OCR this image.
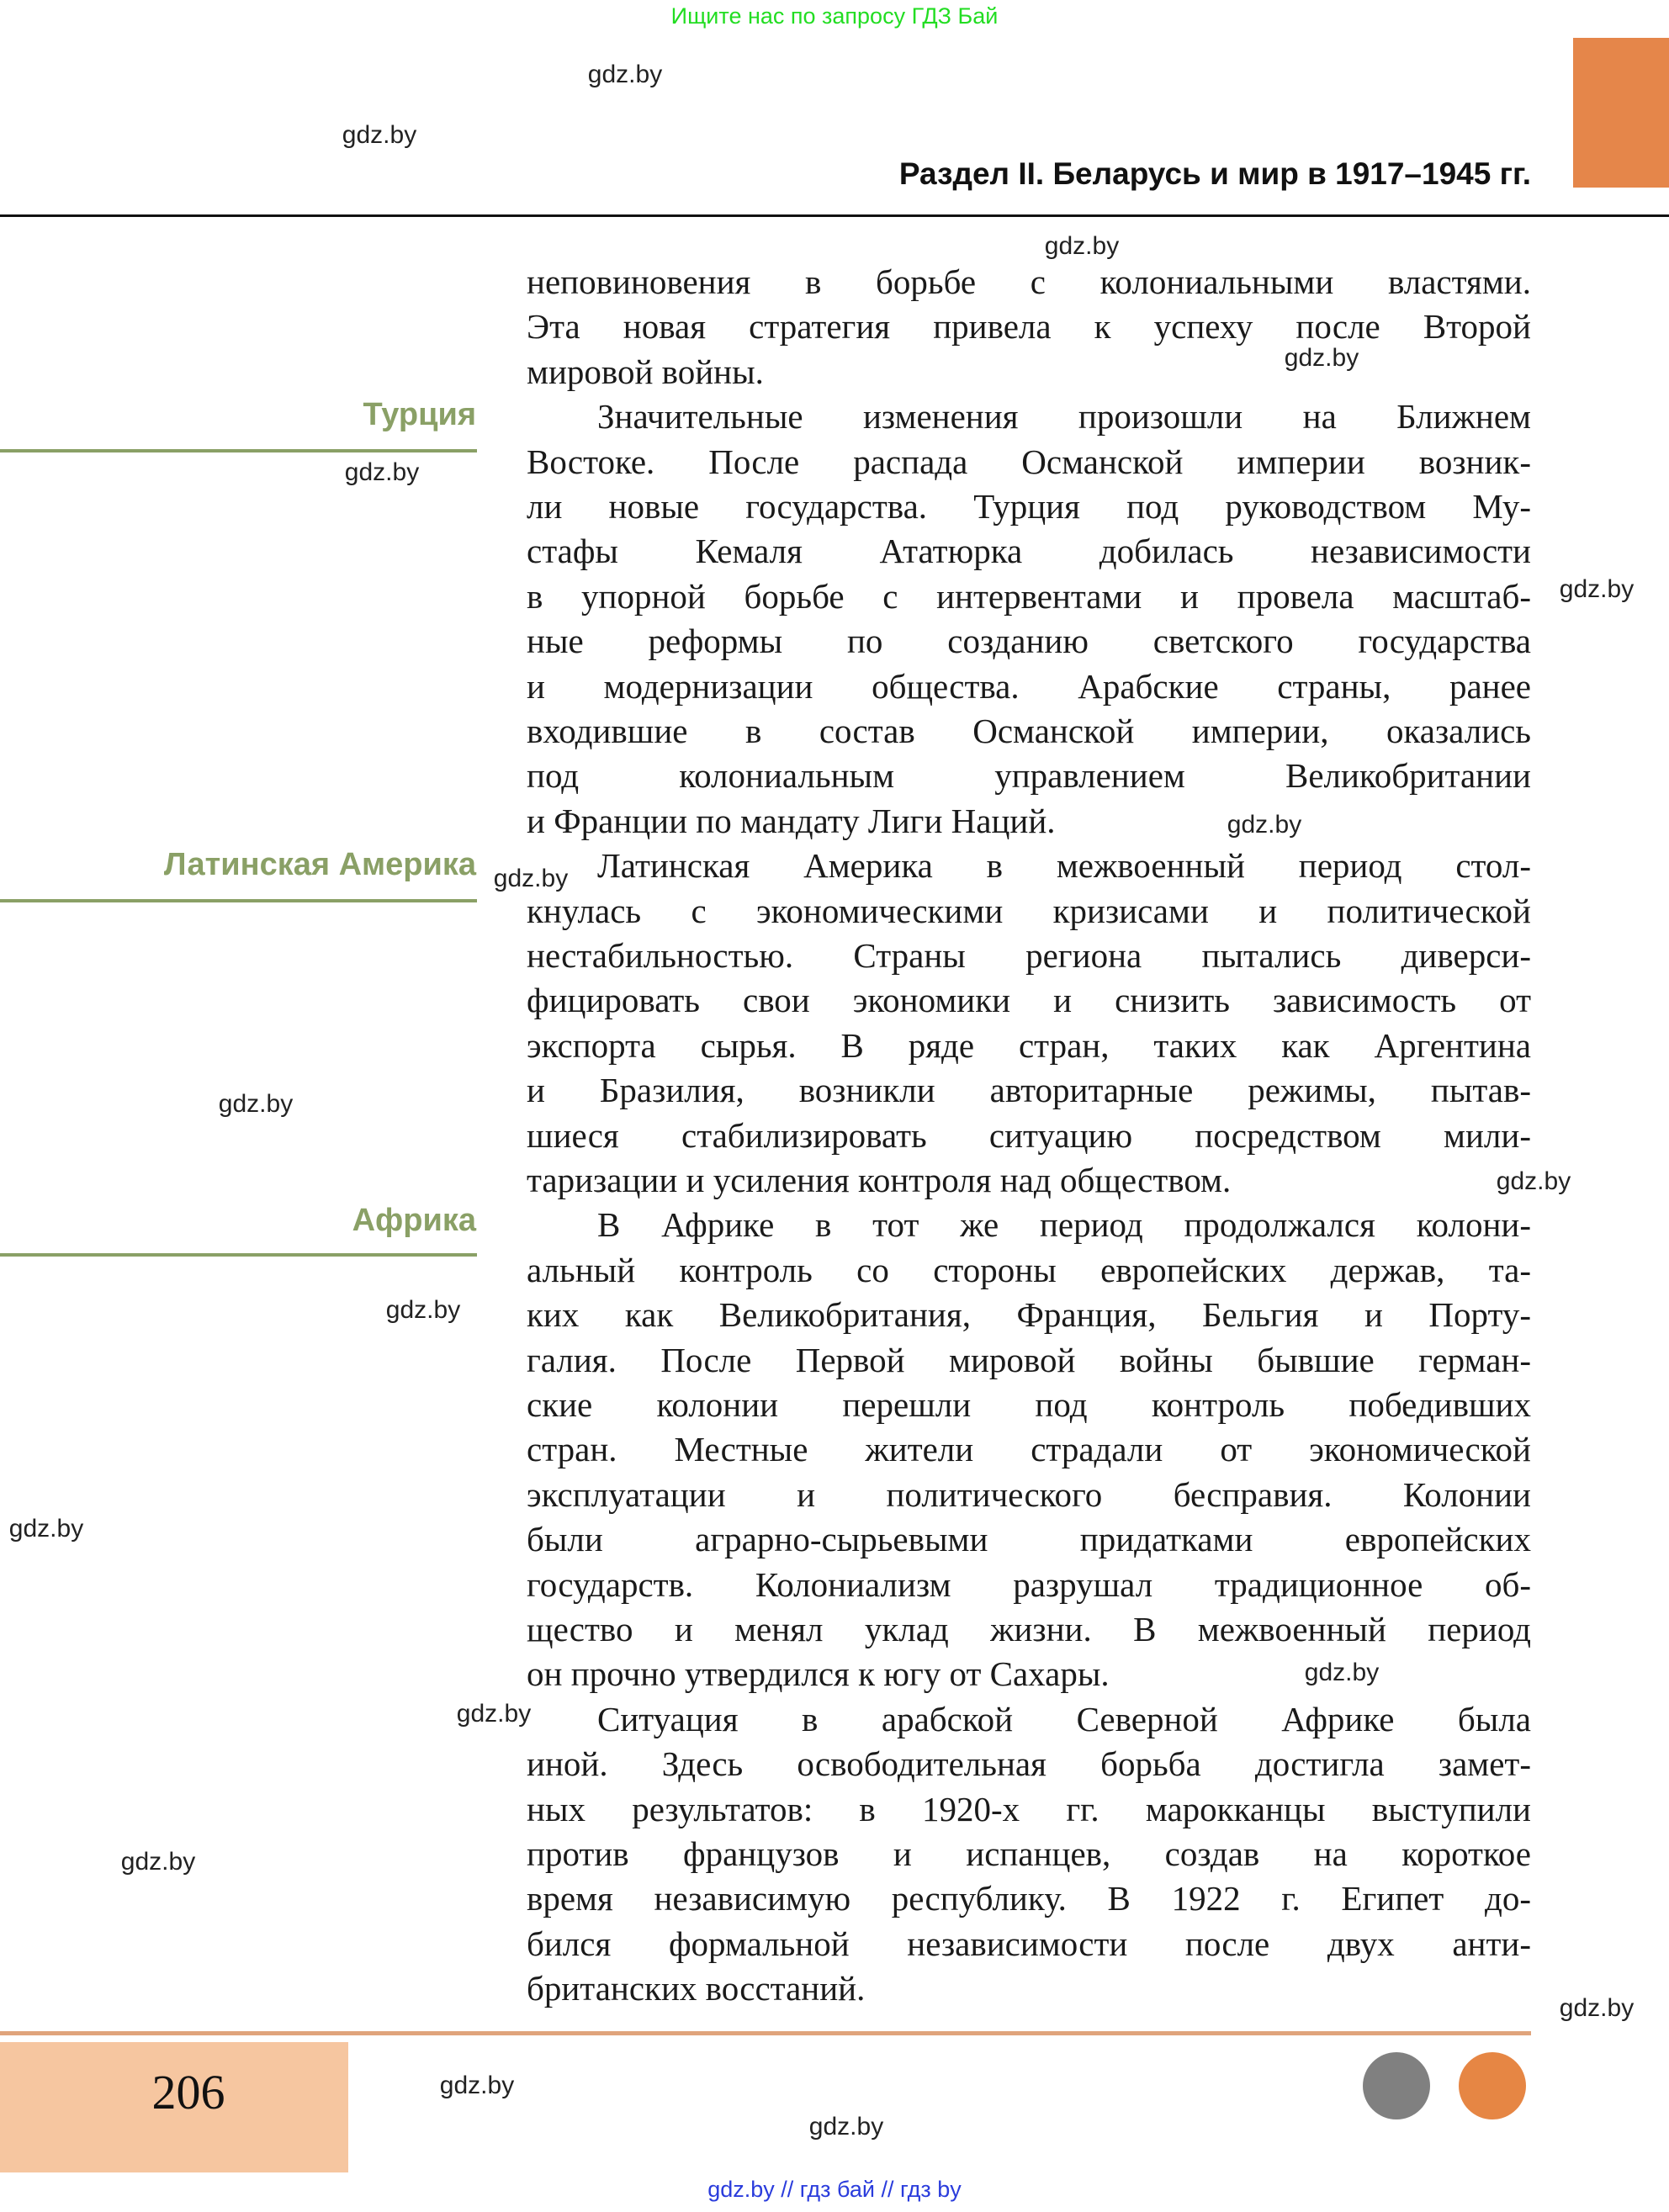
Ищите нас по запросу ГДЗ Бай
Раздел II. Беларусь и мир в 1917–1945 гг.
Турция
Латинская Америка
Африка
неповиновения в борьбе с колониальными властями.
Эта новая стратегия привела к успеху после Второй
мировой войны.
Значительные изменения произошли на Ближнем
Востоке. После распада Османской империи возник-
ли новые государства. Турция под руководством Му-
стафы Кемаля Ататюрка добилась независимости
в упорной борьбе с интервентами и провела масштаб-
ные реформы по созданию светского государства
и модернизации общества. Арабские страны, ранее
входившие в состав Османской империи, оказались
под колониальным управлением Великобритании
и Франции по мандату Лиги Наций.
Латинская Америка в межвоенный период стол-
кнулась с экономическими кризисами и политической
нестабильностью. Страны региона пытались диверси-
фицировать свои экономики и снизить зависимость от
экспорта сырья. В ряде стран, таких как Аргентина
и Бразилия, возникли авторитарные режимы, пытав-
шиеся стабилизировать ситуацию посредством мили-
таризации и усиления контроля над обществом.
В Африке в тот же период продолжался колони-
альный контроль со стороны европейских держав, та-
ких как Великобритания, Франция, Бельгия и Порту-
галия. После Первой мировой войны бывшие герман-
ские колонии перешли под контроль победивших
стран. Местные жители страдали от экономической
эксплуатации и политического бесправия. Колонии
были аграрно-сырьевыми придатками европейских
государств. Колониализм разрушал традиционное об-
щество и менял уклад жизни. В межвоенный период
он прочно утвердился к югу от Сахары.
Ситуация в арабской Северной Африке была
иной. Здесь освободительная борьба достигла замет-
ных результатов: в 1920-х гг. марокканцы выступили
против французов и испанцев, создав на короткое
время независимую республику. В 1922 г. Египет до-
бился формальной независимости после двух анти-
британских восстаний.
gdz.by
gdz.by
gdz.by
gdz.by
gdz.by
gdz.by
gdz.by
gdz.by
gdz.by
gdz.by
gdz.by
gdz.by
gdz.by
gdz.by
gdz.by
gdz.by
gdz.by
gdz.by
206
gdz.by // гдз бай // гдз by
